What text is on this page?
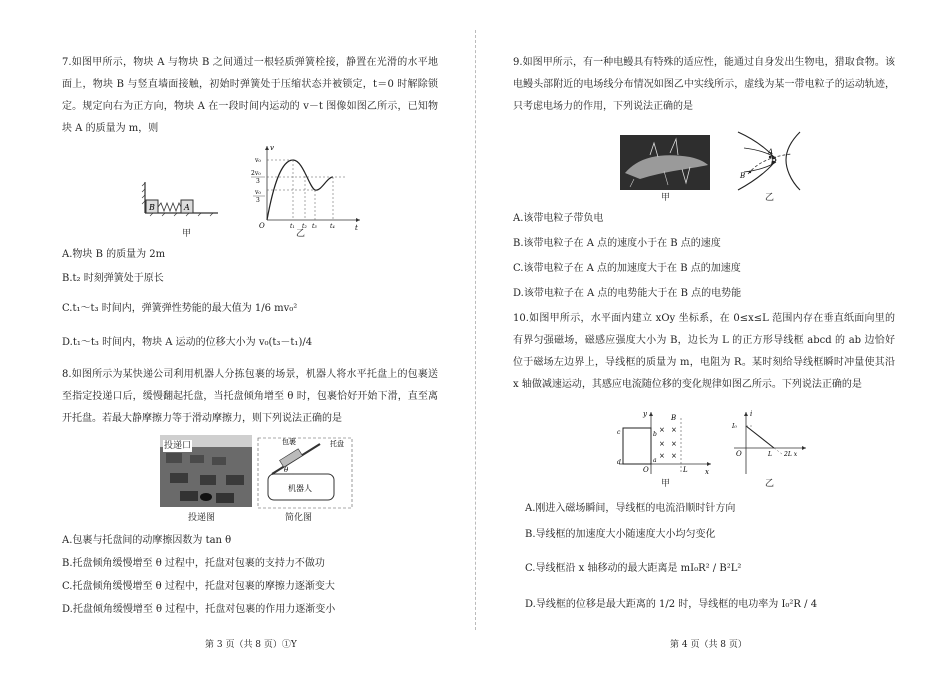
7.如图甲所示，物块 A 与物块 B 之间通过一根轻质弹簧栓接，静置在光滑的水平地面上，物块 B 与竖直墙面接触，初始时弹簧处于压缩状态并被锁定，t＝0 时解除锁定。规定向右为正方向，物块 A 在一段时间内运动的 v－t 图像如图乙所示，已知物块 A 的质量为 m，则

B	A
甲
v
t
O
v₀
2v₀
3
v₀
3
t₁ t₂ t₃ t₄
乙

A.物块 B 的质量为 2m

B.t₂ 时刻弹簧处于原长

C.t₁～t₃ 时间内，弹簧弹性势能的最大值为 1/6 mv₀²

D.t₁～t₃ 时间内，物块 A 运动的位移大小为 v₀(t₃－t₁)/4

8.如图所示为某快递公司利用机器人分拣包裹的场景，机器人将水平托盘上的包裹送至指定投递口后，缓慢翻起托盘，当托盘倾角增至 θ 时，包裹恰好开始下滑，直至离开托盘。若最大静摩擦力等于滑动摩擦力，则下列说法正确的是

投递图
投递口	包裹	托盘
θ
机器人
简化图

A.包裹与托盘间的动摩擦因数为 tan θ

B.托盘倾角缓慢增至 θ 过程中，托盘对包裹的支持力不做功

C.托盘倾角缓慢增至 θ 过程中，托盘对包裹的摩擦力逐渐变大

D.托盘倾角缓慢增至 θ 过程中，托盘对包裹的作用力逐渐变小

第 3 页（共 8 页）①Y

9.如图甲所示，有一种电鳗具有特殊的适应性，能通过自身发出生物电，猎取食物。该电鳗头部附近的电场线分布情况如图乙中实线所示，虚线为某一带电粒子的运动轨迹，只考虑电场力的作用，下列说法正确的是

甲
A
B
乙

A.该带电粒子带负电

B.该带电粒子在 A 点的速度小于在 B 点的速度

C.该带电粒子在 A 点的加速度大于在 B 点的加速度

D.该带电粒子在 A 点的电势能大于在 B 点的电势能

10.如图甲所示，水平面内建立 xOy 坐标系，在 0≤x≤L 范围内存在垂直纸面向里的有界匀强磁场，磁感应强度大小为 B，边长为 L 的正方形导线框 abcd 的 ab 边恰好位于磁场左边界上，导线框的质量为 m，电阻为 R。某时刻给导线框瞬时冲量使其沿 x 轴做减速运动，其感应电流随位移的变化规律如图乙所示。下列说法正确的是

×
×
×
×
×
×
y
x
O	L
B
a
b
c
d
甲
i
I₀
O	L 2L x
乙

A.刚进入磁场瞬间，导线框的电流沿顺时针方向

B.导线框的加速度大小随速度大小均匀变化

C.导线框沿 x 轴移动的最大距离是 mI₀R² / B²L²

D.导线框的位移是最大距离的 1/2 时，导线框的电功率为 I₀²R / 4

第 4 页（共 8 页）
